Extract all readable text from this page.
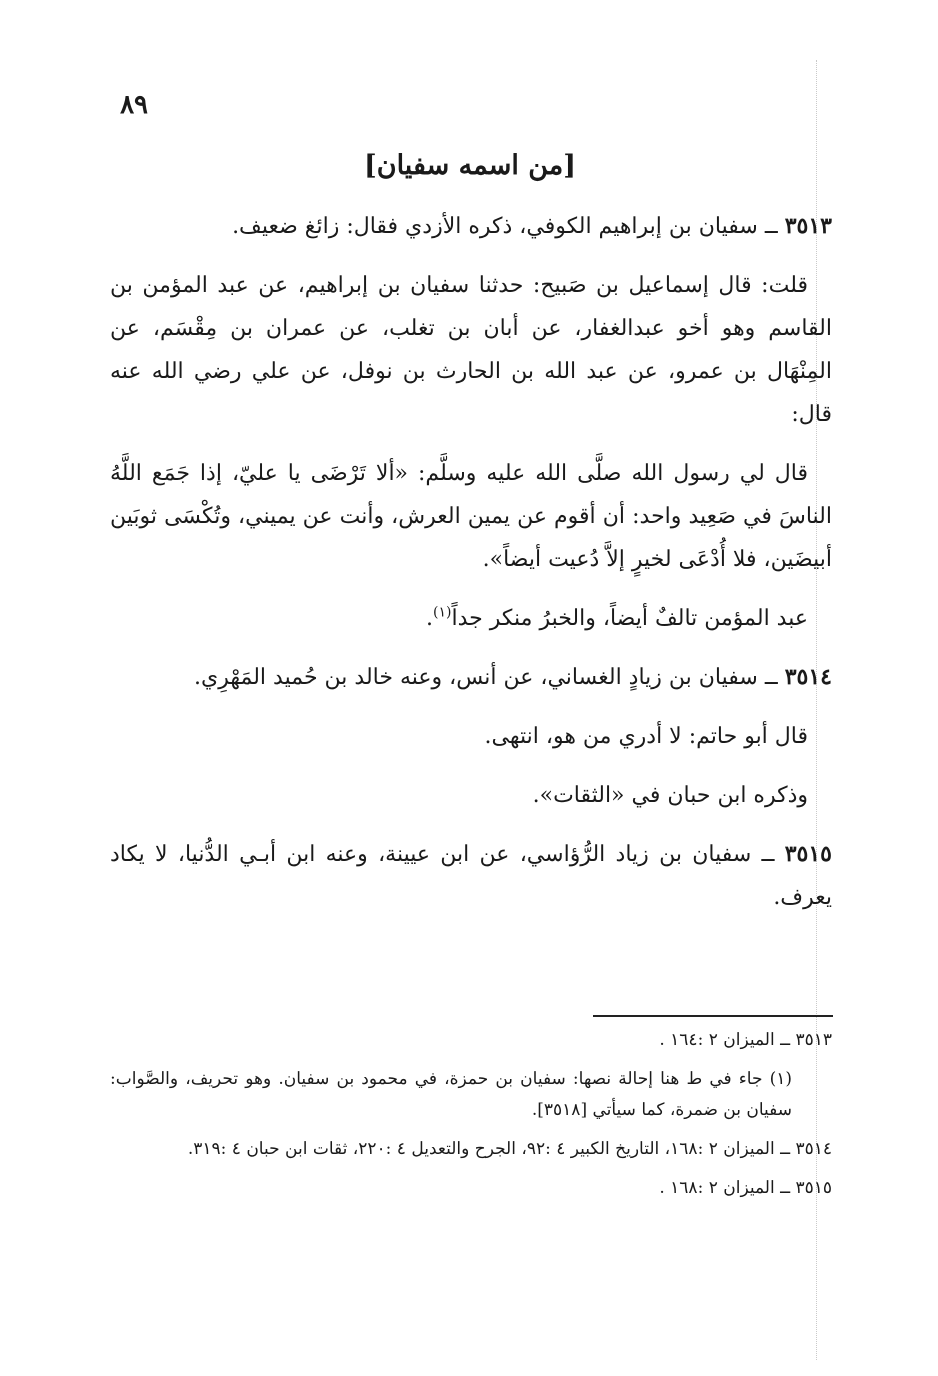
٨٩
[من اسمه سفيان]

٣٥١٣ ــ سفيان بن إبراهيم الكوفي، ذكره الأزدي فقال: زائغ ضعيف.

قلت: قال إسماعيل بن صَبيح: حدثنا سفيان بن إبراهيم، عن عبد المؤمن بن القاسم وهو أخو عبدالغفار، عن أبان بن تغلب، عن عمران بن مِقْسَم، عن المِنْهَال بن عمرو، عن عبد الله بن الحارث بن نوفل، عن علي رضي الله عنه قال:

قال لي رسول الله صلَّى الله عليه وسلَّم: «ألا تَرْضَى يا عليّ، إذا جَمَع اللَّهُ الناسَ في صَعِيد واحد: أن أقوم عن يمين العرش، وأنت عن يميني، وتُكْسَى ثوبَين أبيضَين، فلا أُدْعَى لخيرٍ إلاَّ دُعيت أيضاً».

عبد المؤمن تالفٌ أيضاً، والخبرُ منكر جداً$^{(١)}$.

٣٥١٤ ــ سفيان بن زيادٍ الغساني، عن أنس، وعنه خالد بن حُميد المَهْرِي.

قال أبو حاتم: لا أدري من هو، انتهى.

وذكره ابن حبان في «الثقات».

٣٥١٥ ــ سفيان بن زياد الرُّؤاسي، عن ابن عيينة، وعنه ابن أبـي الدُّنيا، لا يكاد يعرف.

٣٥١٣ ــ الميزان ٢ :١٦٤ .

(١) جاء في ط هنا إحالة نصها: سفيان بن حمزة، في محمود بن سفيان. وهو تحريف، والصَّواب: سفيان بن ضمرة، كما سيأتي [٣٥١٨].

٣٥١٤ ــ الميزان ٢ :١٦٨، التاريخ الكبير ٤ :٩٢، الجرح والتعديل ٤ :٢٢٠، ثقات ابن حبان ٤ :٣١٩.

٣٥١٥ ــ الميزان ٢ :١٦٨ .
